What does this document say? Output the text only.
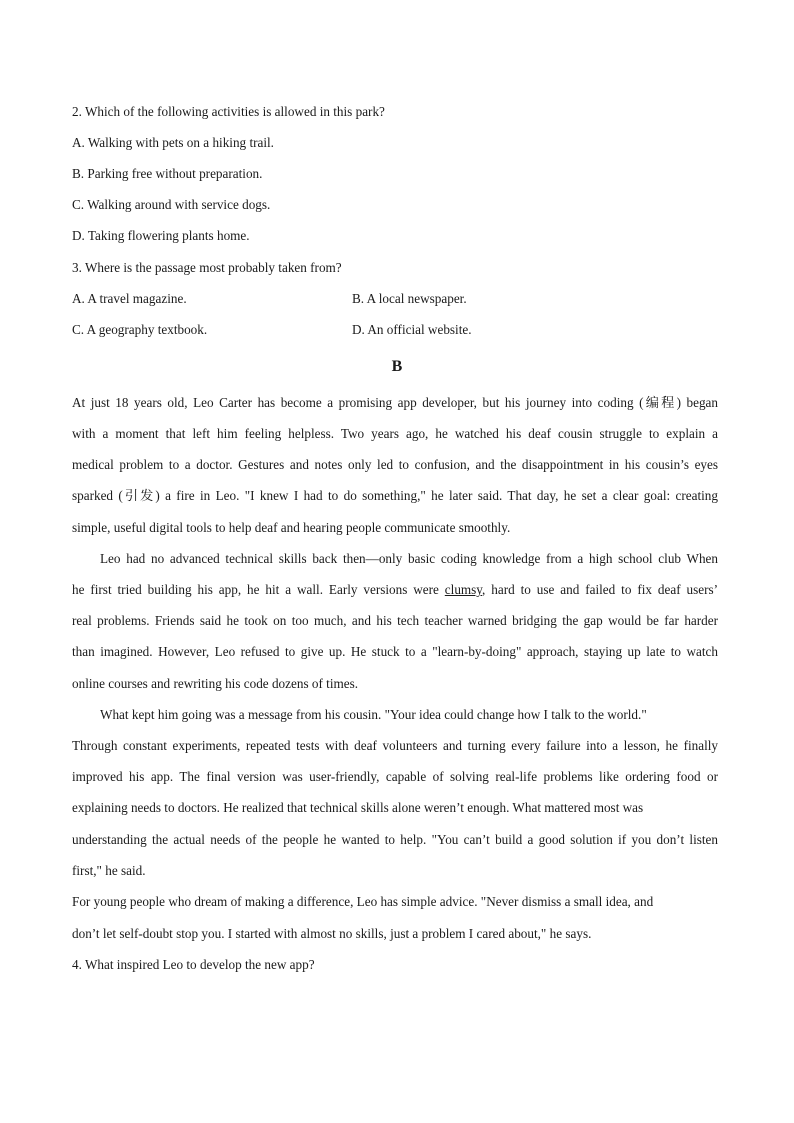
2. Which of the following activities is allowed in this park?
A. Walking with pets on a hiking trail.
B. Parking free without preparation.
C. Walking around with service dogs.
D. Taking flowering plants home.
3. Where is the passage most probably taken from?
A. A travel magazine.	B. A local newspaper.
C. A geography textbook.	D. An official website.
B
At just 18 years old, Leo Carter has become a promising app developer, but his journey into coding (编程) began
with a moment that left him feeling helpless. Two years ago, he watched his deaf cousin struggle to explain a
medical problem to a doctor. Gestures and notes only led to confusion, and the disappointment in his cousin’s eyes
sparked (引发) a fire in Leo. "I knew I had to do something," he later said. That day, he set a clear goal: creating
simple, useful digital tools to help deaf and hearing people communicate smoothly.
Leo had no advanced technical skills back then—only basic coding knowledge from a high school club When
he first tried building his app, he hit a wall. Early versions were clumsy, hard to use and failed to fix deaf users’
real problems. Friends said he took on too much, and his tech teacher warned bridging the gap would be far harder
than imagined. However, Leo refused to give up. He stuck to a "learn-by-doing" approach, staying up late to watch
online courses and rewriting his code dozens of times.
What kept him going was a message from his cousin. "Your idea could change how I talk to the world."
Through constant experiments, repeated tests with deaf volunteers and turning every failure into a lesson, he finally
improved his app. The final version was user-friendly, capable of solving real-life problems like ordering food or
explaining needs to doctors. He realized that technical skills alone weren’t enough. What mattered most was
understanding the actual needs of the people he wanted to help. "You can’t build a good solution if you don’t listen
first," he said.
For young people who dream of making a difference, Leo has simple advice. "Never dismiss a small idea, and
don’t let self-doubt stop you. I started with almost no skills, just a problem I cared about," he says.
4. What inspired Leo to develop the new app?
